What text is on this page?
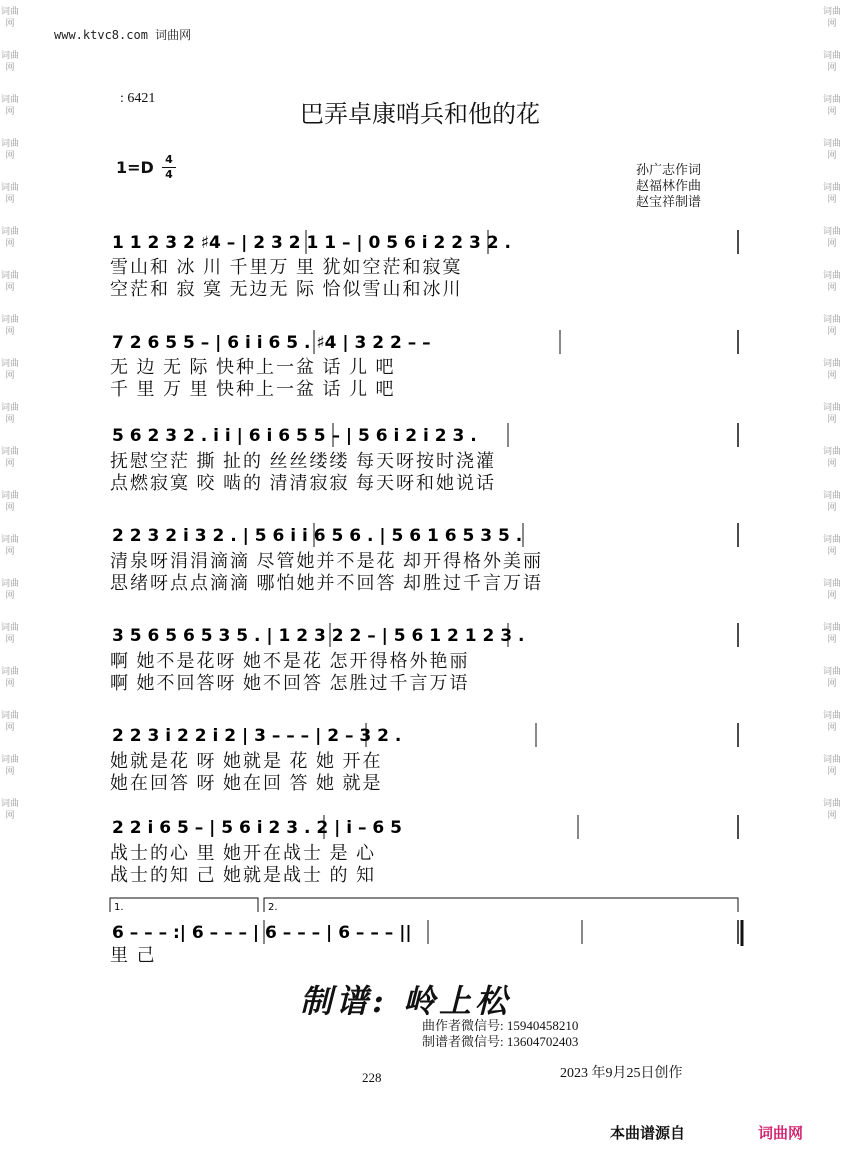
词曲网
词曲网
词曲网
词曲网
词曲网
词曲网
词曲网
词曲网
词曲网
词曲网
词曲网
词曲网
词曲网
词曲网
词曲网
词曲网
词曲网
词曲网
词曲网
词曲网
词曲网
词曲网
词曲网
词曲网
词曲网
词曲网
词曲网
词曲网
词曲网
词曲网
词曲网
词曲网
词曲网
词曲网
词曲网
词曲网
词曲网
词曲网
www.ktvc8.com 词曲网
: 6421
巴弄卓康哨兵和他的花
1=D 4
4	孙广志作词
赵福林作曲
赵宝祥制谱
1 1 2 3 2 ♯4 – | 2 3 2 1 1 – | 0 5 6 i 2 2 3 2 .
7 2 6 5 5 – | 6 i i 6 5 . ♯4 | 3 2 2 – –
5 6 2 3 2 . i i | 6 i 6 5 5 – | 5 6 i 2 i 2 3 .
2 2 3 2 i 3 2 . | 5 6 i i 6 5 6 . | 5 6 1 6 5 3 5 .
3 5 6 5 6 5 3 5 . | 1 2 3 2 2 – | 5 6 1 2 1 2 3 .
2 2 3 i 2 2 i 2 | 3 – – – | 2 – 3 2 .
2 2 i 6 5 – | 5 6 i 2 3 . 2 | i – 6 5
6 – – – :| 6 – – – | 6 – – – | 6 – – – ||
1.	2.
雪山和 冰 川 千里万 里 犹如空茫和寂寞
空茫和 寂 寞 无边无 际 恰似雪山和冰川
无 边 无 际 快种上一盆 话 儿 吧
千 里 万 里 快种上一盆 话 儿 吧
抚慰空茫 撕 扯的 丝丝缕缕 每天呀按时浇灌
点燃寂寞 咬 啮的 清清寂寂 每天呀和她说话
清泉呀涓涓滴滴 尽管她并不是花 却开得格外美丽
思绪呀点点滴滴 哪怕她并不回答 却胜过千言万语
啊 她不是花呀 她不是花 怎开得格外艳丽
啊 她不回答呀 她不回答 怎胜过千言万语
她就是花 呀 她就是 花 她 开在
她在回答 呀 她在回 答 她 就是
战士的心 里 她开在战士 是 心
战士的知 己 她就是战士 的 知
里 己
制谱: 岭上松
曲作者微信号: 15940458210
制谱者微信号: 13604702403
228	2023 年9月25日创作
本曲谱源自	词曲网
